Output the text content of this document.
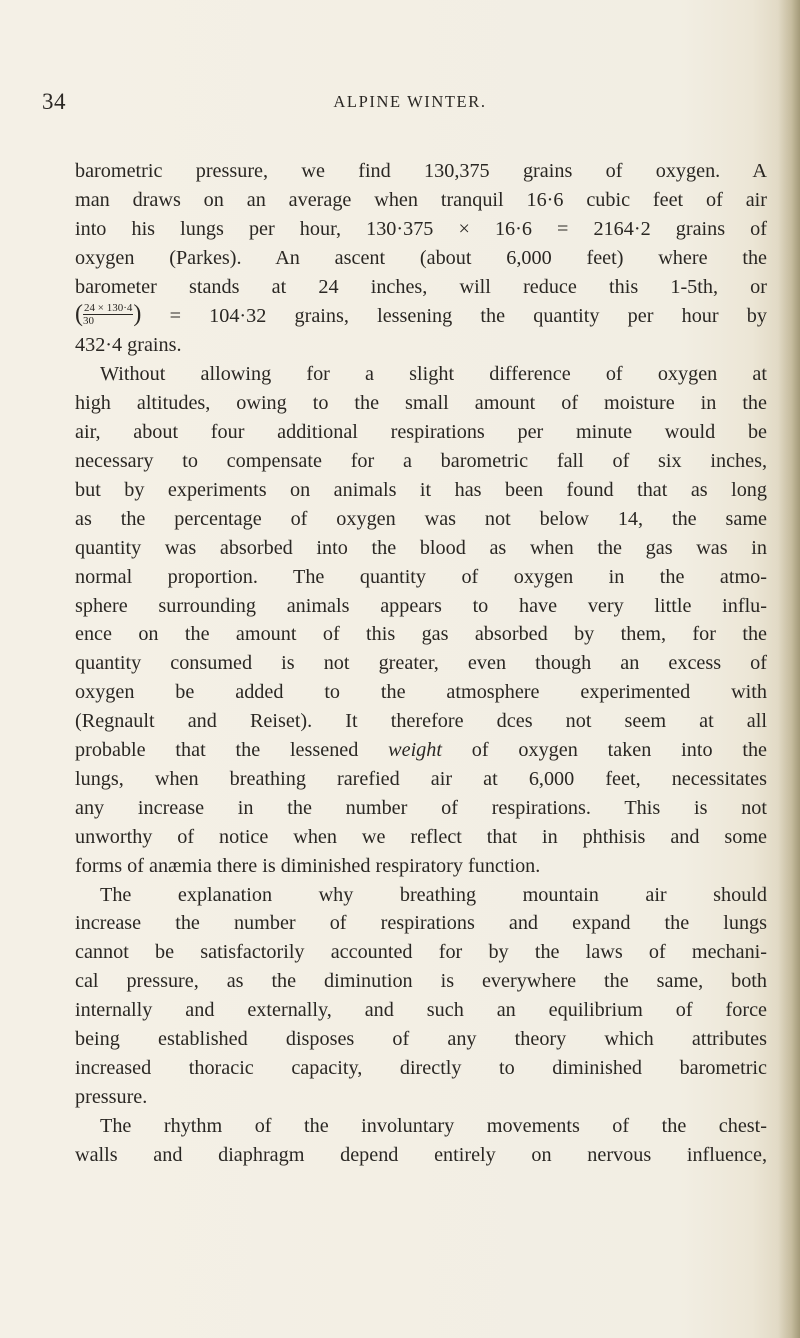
34	ALPINE WINTER.
barometric pressure, we find 130,375 grains of oxygen. A
man draws on an average when tranquil 16·6 cubic feet of air
into his lungs per hour, 130·375 × 16·6 = 2164·2 grains of
oxygen (Parkes). An ascent (about 6,000 feet) where the
barometer stands at 24 inches, will reduce this 1-5th, or
( $\frac{24 \times 130\cdot 4}{30}$ ) = 104·32 grains, lessening the quantity per hour by
432·4 grains.
Without allowing for a slight difference of oxygen at
high altitudes, owing to the small amount of moisture in the
air, about four additional respirations per minute would be
necessary to compensate for a barometric fall of six inches,
but by experiments on animals it has been found that as long
as the percentage of oxygen was not below 14, the same
quantity was absorbed into the blood as when the gas was in
normal proportion. The quantity of oxygen in the atmo-
sphere surrounding animals appears to have very little influ-
ence on the amount of this gas absorbed by them, for the
quantity consumed is not greater, even though an excess of
oxygen be added to the atmosphere experimented with
(Regnault and Reiset). It therefore dces not seem at all
probable that the lessened weight of oxygen taken into the
lungs, when breathing rarefied air at 6,000 feet, necessitates
any increase in the number of respirations. This is not
unworthy of notice when we reflect that in phthisis and some
forms of anæmia there is diminished respiratory function.
The explanation why breathing mountain air should
increase the number of respirations and expand the lungs
cannot be satisfactorily accounted for by the laws of mechani-
cal pressure, as the diminution is everywhere the same, both
internally and externally, and such an equilibrium of force
being established disposes of any theory which attributes
increased thoracic capacity, directly to diminished barometric
pressure.
The rhythm of the involuntary movements of the chest-
walls and diaphragm depend entirely on nervous influence,
